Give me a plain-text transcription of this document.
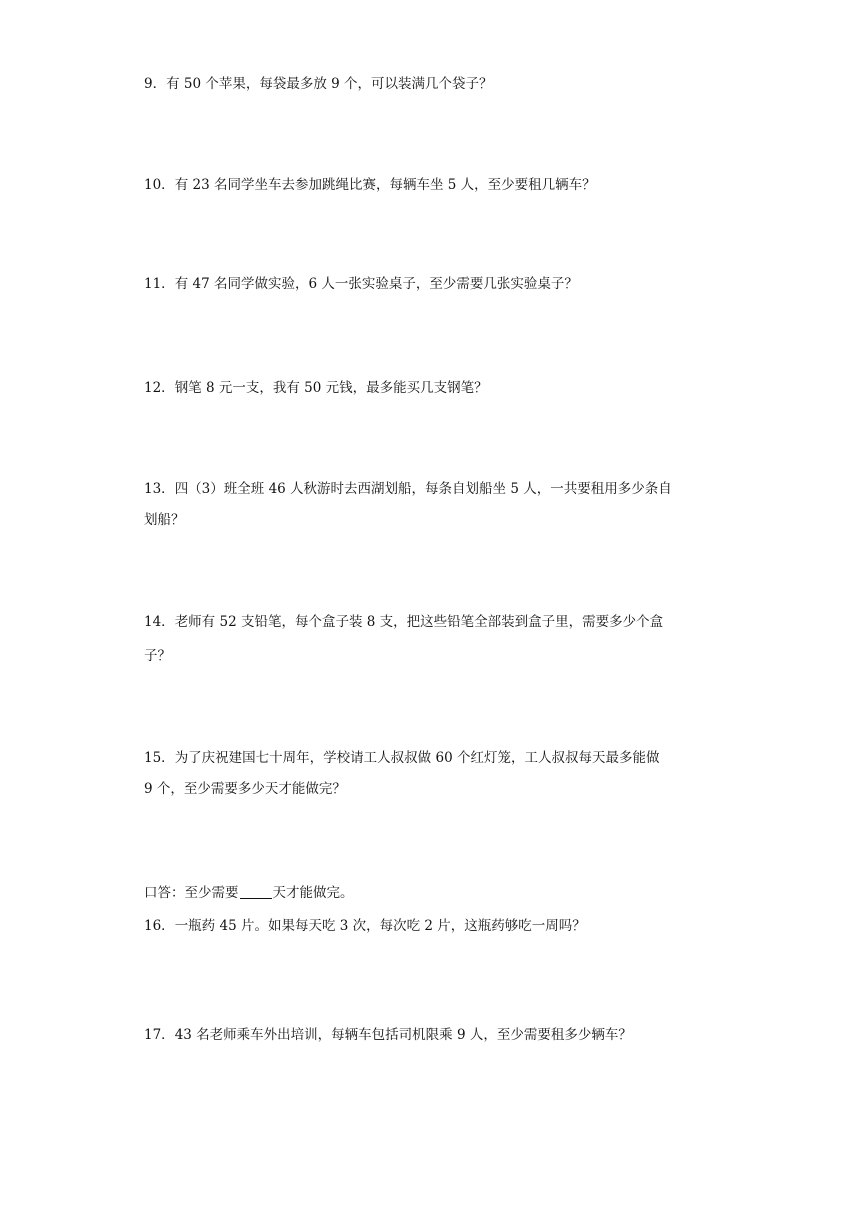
9．有 50 个苹果，每袋最多放 9 个，可以装满几个袋子？
10．有 23 名同学坐车去参加跳绳比赛，每辆车坐 5 人，至少要租几辆车？
11．有 47 名同学做实验，6 人一张实验桌子，至少需要几张实验桌子？
12．钢笔 8 元一支，我有 50 元钱，最多能买几支钢笔？
13．四（3）班全班 46 人秋游时去西湖划船，每条自划船坐 5 人，一共要租用多少条自
划船？
14．老师有 52 支铅笔，每个盒子装 8 支，把这些铅笔全部装到盒子里，需要多少个盒
子？
15．为了庆祝建国七十周年，学校请工人叔叔做 60 个红灯笼，工人叔叔每天最多能做
9 个，至少需要多少天才能做完？
口答：至少需要	天才能做完。
16．一瓶药 45 片。如果每天吃 3 次，每次吃 2 片，这瓶药够吃一周吗？
17．43 名老师乘车外出培训，每辆车包括司机限乘 9 人，至少需要租多少辆车？
